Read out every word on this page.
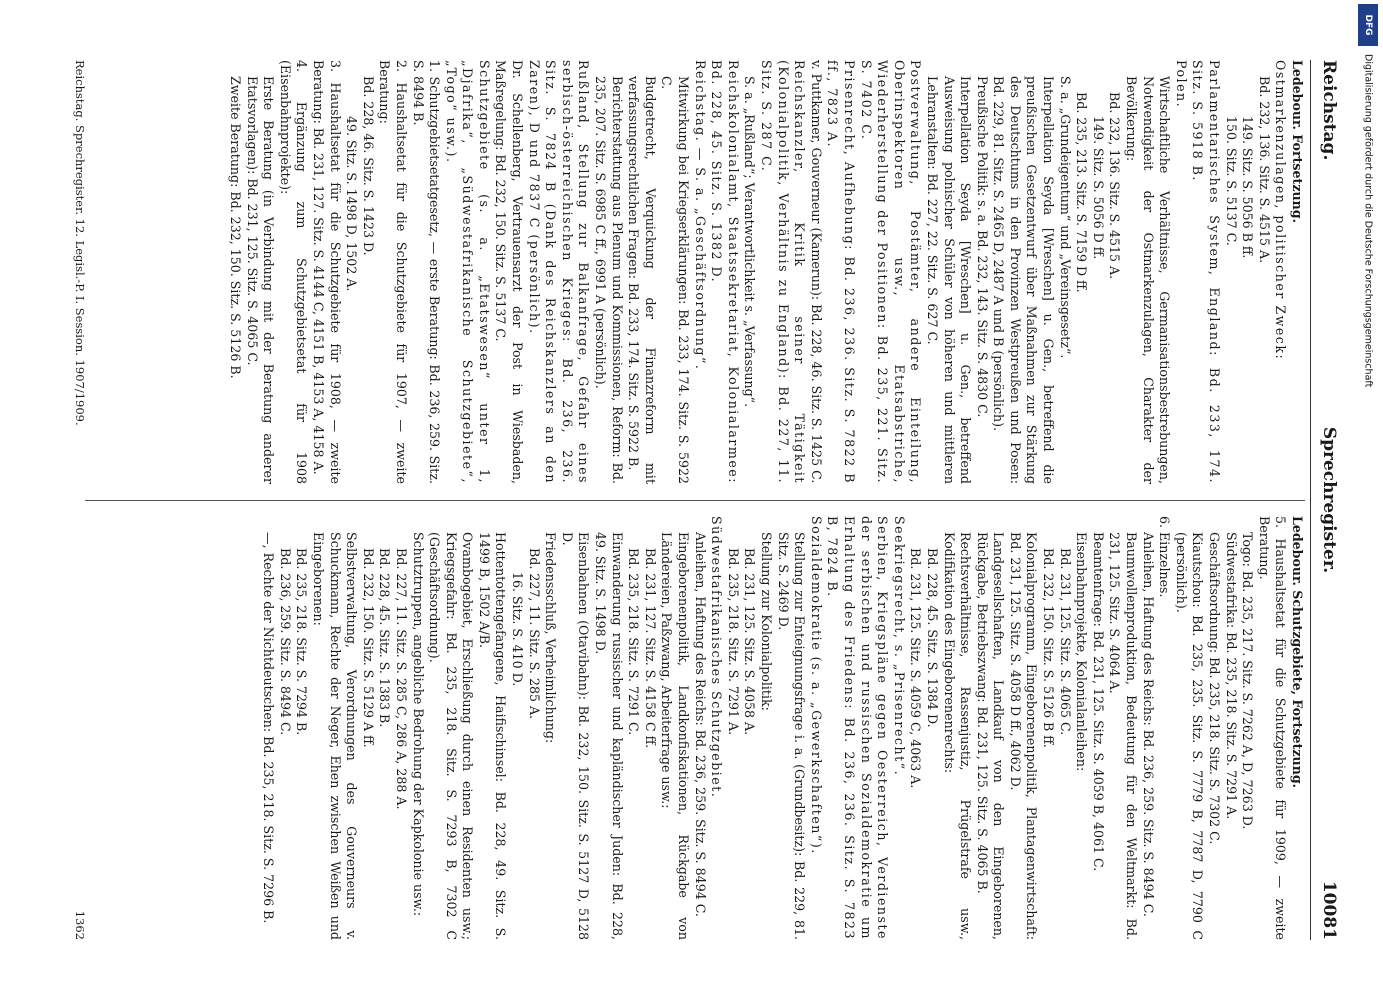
Reichstag.
Sprechregister.
10081

Ledebour. Fortsetzung.

Ostmarkenzulagen, politischer Zweck:

Bd. 232, 136. Sitz. S. 4515 A.

149. Sitz. S. 5056 B ff.

150. Sitz. S. 5137 C.

Parlamentarisches System, England: Bd. 233, 174. Sitz. S. 5918 B.

Polen.

Wirtschaftliche Verhältnisse, Germanisationsbestrebungen, Notwendigkeit der Ostmarkenzulagen, Charakter der Bevölkerung:

Bd. 232, 136. Sitz. S. 4515 A.

149. Sitz. S. 5056 D ff.

Bd. 235, 213. Sitz. S. 7159 D ff.

S. a. „Grundeigentum“ und „Vereinsgesetz“.

Interpellation Seyda [Wreschen] u. Gen., betreffend die preußischen Gesetzentwurf über Maßnahmen zur Stärkung des Deutschtums in den Provinzen Westpreußen und Posen: Bd. 229, 81. Sitz. S. 2465 D, 2487 A und B (persönlich).

Preußische Politik: s. a. Bd. 232, 143. Sitz. S. 4830 C.

Interpellation Seyda [Wreschen] u. Gen., betreffend Ausweisung polnischer Schüler von höheren und mittleren Lehranstalten: Bd. 227, 22. Sitz. S. 627 C.

Postverwaltung, Postämter, andere Einteilung, Oberinspektoren usw., Etatsabstriche, Wiederherstellung der Positionen: Bd. 235, 221. Sitz. S. 7402 C.

Prisenrecht, Aufhebung: Bd. 236, 236. Sitz. S. 7822 B ff., 7823 A.

v. Puttkamer, Gouverneur (Kamerun): Bd. 228, 46. Sitz. S. 1425 C.

Reichskanzler, Kritik seiner Tätigkeit (Kolonialpolitik, Verhältnis zu England): Bd. 227, 11. Sitz. S. 287 C.

S. a. „Rußland“; Verantwortlichkeit s. „Verfassung“.

Reichskolonialamt, Staatssekretariat, Kolonialarmee: Bd. 228, 45. Sitz. S. 1382 D.

Reichstag. — S. a. „Geschäftsordnung“.

Mitwirkung bei Kriegserklärungen: Bd. 233, 174. Sitz. S. 5922 C.

Budgetrecht, Verquickung der Finanzreform mit verfassungsrechtlichen Fragen: Bd. 233, 174. Sitz. S. 5922 B.

Berichterstattung aus Plenum und Kommissionen, Reform: Bd. 235, 207. Sitz. S. 6985 C ff., 6991 A (persönlich).

Rußland, Stellung zur Balkanfrage, Gefahr eines serbisch-österreichischen Krieges: Bd. 236, 236. Sitz. S. 7824 B (Dank des Reichskanzlers an den Zaren), D und 7837 C (persönlich).

Dr. Schellenberg, Vertrauensarzt der Post in Wiesbaden, Maßregelung: Bd. 232, 150. Sitz. S. 5137 C.

Schutzgebiete (s. a. „Etatswesen“ unter 1, „Djafrika“, „Südwestafrikanische Schutzgebiete“, „Togo“ usw.).

1. Schutzgebietsetatgesetz, — erste Beratung: Bd. 236, 259. Sitz. S. 8494 B.

2. Haushaltsetat für die Schutzgebiete für 1907, — zweite Beratung:

Bd. 228, 46. Sitz. S. 1423 D.

49. Sitz. S. 1498 D, 1502 A.

3. Haushaltsetat für die Schutzgebiete für 1908, — zweite Beratung: Bd. 231, 127. Sitz. S. 4144 C, 4151 B, 4153 A, 4158 A.

4. Ergänzung zum Schutzgebietsetat für 1908 (Eisenbahnprojekte):

Erste Beratung (in Verbindung mit der Beratung anderer Etatsvorlagen): Bd. 231, 125. Sitz. S. 4065 C.

Zweite Beratung: Bd. 232, 150. Sitz. S. 5126 B.

Ledebour. Schutzgebiete, Fortsetzung.

5. Haushaltsetat für die Schutzgebiete für 1909, — zweite Beratung.

Togo: Bd. 235, 217. Sitz. S. 7262 A, D, 7263 D.

Südwestafrika: Bd. 235, 218. Sitz. S. 7291 A.

Geschäftsordnung: Bd. 235, 218. Sitz. S. 7302 C.

Kiautschou: Bd. 235, 235. Sitz. S. 7779 B, 7787 D, 7790 C (persönlich).

6. Einzelnes.

Anleihen, Haftung des Reichs: Bd. 236, 259. Sitz. S. 8494 C.

Baumwollenproduktion, Bedeutung für den Weltmarkt: Bd. 231, 125. Sitz. S. 4064 A.

Beamtenfrage: Bd. 231, 125. Sitz. S. 4059 B, 4061 C.

Eisenbahnprojekte, Kolonialanleihen:

Bd. 231, 125. Sitz. S. 4065 C.

Bd. 232, 150. Sitz. S. 5126 B ff.

Kolonialprogramm, Eingeborenenpolitik, Plantagenwirtschaft: Bd. 231, 125. Sitz. S. 4058 D ff., 4062 D.

Landgesellschaften, Landkauf von den Eingeborenen, Rückgabe, Betriebszwang: Bd. 231, 125. Sitz. S. 4065 B.

Rechtsverhältnisse, Rassenjustiz, Prügelstrafe usw., Kodifikation des Eingeborenenrechts:

Bd. 228, 45. Sitz. S. 1384 D.

Bd. 231, 125. Sitz. S. 4059 C, 4063 A.

Seekriegsrecht, s. „Prisenrecht“.

Serbien, Kriegspläne gegen Oesterreich, Verdienste der serbischen und russischen Sozialdemokratie um Erhaltung des Friedens: Bd. 236, 236. Sitz. S. 7823 B, 7824 B.

Sozialdemokratie (s. a. „Gewerkschaften“).

Stellung zur Enteignungsfrage i. a. (Grundbesitz): Bd. 229, 81. Sitz. S. 2469 D.

Stellung zur Kolonialpolitik:

Bd. 231, 125. Sitz. S. 4058 A.

Bd. 235, 218. Sitz. S. 7291 A.

Südwestafrikanisches Schutzgebiet.

Anleihen, Haftung des Reichs: Bd. 236, 259. Sitz. S. 8494 C.

Eingeborenenpolitik, Landkonfiskationen, Rückgabe von Ländereien, Paßzwang, Arbeiterfrage usw.:

Bd. 231, 127. Sitz. S. 4158 C ff.

Bd. 235, 218. Sitz. S. 7291 C.

Einwanderung russischer und kapländischer Juden: Bd. 228, 49. Sitz. S. 1498 D.

Eisenbahnen (Otavibahn): Bd. 232, 150. Sitz. S. 5127 D, 5128 D.

Friedensschluß, Verheimlichung:

Bd. 227, 11. Sitz. S. 285 A.

16. Sitz. S. 410 D.

Hottentottengefangene, Haifischinsel: Bd. 228, 49. Sitz. S. 1499 B, 1502 A/B.

Ovambogebiet, Erschließung durch einen Residenten usw.; Kriegsgefahr: Bd. 235, 218. Sitz. S. 7293 B, 7302 C (Geschäftsordnung).

Schutztruppen, angebliche Bedrohung der Kapkolonie usw.:

Bd. 227, 11. Sitz. S. 285 C, 286 A, 288 A.

Bd. 228, 45. Sitz. S. 1383 B.

Bd. 232, 150. Sitz. S. 5129 A ff.

Selbstverwaltung, Verordnungen des Gouverneurs v. Schuckmann, Rechte der Neger, Ehen zwischen Weißen und Eingeborenen:

Bd. 235, 218. Sitz. S. 7294 B.

Bd. 236, 259. Sitz. S. 8494 C.

—, Rechte der Nichtdeutschen: Bd. 235, 218. Sitz. S. 7296 B.

Reichstag. Sprechregister. 12. Legisl.-P. I. Session. 1907/1909.
1362
DFG
Digitalisierung gefördert durch die Deutsche Forschungsgemeinschaft
